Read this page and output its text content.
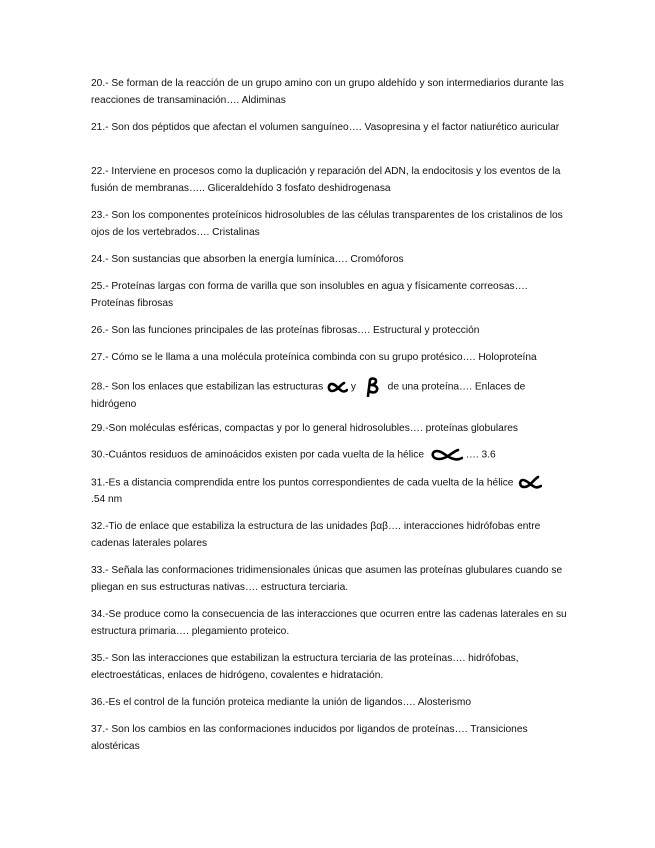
20.- Se forman de la reacción de un grupo amino con un grupo aldehído y son intermediarios durante las reacciones de transaminación…. Aldiminas

21.- Son dos péptidos que afectan el volumen sanguíneo…. Vasopresina y el factor natiurético auricular

22.- Interviene en procesos como la duplicación y reparación del ADN, la endocitosis y los eventos de la fusión de membranas….. Gliceraldehído 3 fosfato deshidrogenasa

23.- Son los componentes proteínicos hidrosolubles de las células transparentes de los cristalinos de los ojos de los vertebrados…. Cristalinas

24.- Son sustancias que absorben la energía lumínica…. Cromóforos

25.- Proteínas largas con forma de varilla que son insolubles en agua y físicamente correosas…. Proteínas fibrosas

26.- Son las funciones principales de las proteínas fibrosas…. Estructural y protección

27.- Cómo se le llama a una molécula proteínica combinda con su grupo protésico…. Holoproteína

28.- Son los enlaces que estabilizan las estructuras	y	de una proteína…. Enlaces de hidrógeno

29.-Son moléculas esféricas, compactas y por lo general hidrosolubles…. proteínas globulares

30.-Cuántos residuos de aminoácidos existen por cada vuelta de la hélice	…. 3.6

31.-Es a distancia comprendida entre los puntos correspondientes de cada vuelta de la hélice
.54 nm

32.-Tio de enlace que estabiliza la estructura de las unidades βαβ…. interacciones hidrófobas entre cadenas laterales polares

33.- Señala las conformaciones tridimensionales únicas que asumen las proteínas glubulares cuando se pliegan en sus estructuras nativas…. estructura terciaria.

34.-Se produce como la consecuencia de las interacciones que ocurren entre las cadenas laterales en su estructura primaria…. plegamiento proteico.

35.- Son las interacciones que estabilizan la estructura terciaria de las proteínas…. hidrófobas, electroestáticas, enlaces de hidrógeno, covalentes e hidratación.

36.-Es el control de la función proteica mediante la unión de ligandos…. Alosterismo

37.- Son los cambios en las conformaciones inducidos por ligandos de proteínas…. Transiciones alostéricas
